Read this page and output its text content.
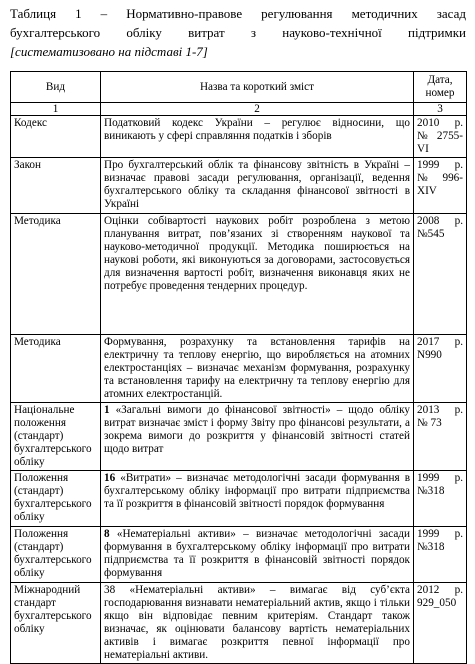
Таблиця 1 – Нормативно-правове регулювання методичних засад
бухгалтерського обліку витрат з науково-технічної підтримки
[систематизовано на підставі 1-7]
Вид	Назва та короткий зміст	Дата, номер
1	2	3
Кодекс	Податковий кодекс України – регулює відносини, що виникають у сфері справляння податків і зборів	2010 р. №2755-VI
Закон	Про бухгалтерський облік та фінансову звітність в Україні – визначає правові засади регулювання, організації, ведення бухгалтерського обліку та складання фінансової звітності в Україні	1999 р. № 996-XIV
Методика	Оцінки собівартості наукових робіт розроблена з метою планування витрат, пов’язаних зі створенням наукової та науково-методичної продукції. Методика поширюється на наукові роботи, які виконуються за договорами, застосовується для визначення вартості робіт, визначення виконавця яких не потребує проведення тендерних процедур.	2008 р. №545
Методика	Формування, розрахунку та встановлення тарифів на електричну та теплову енергію, що виробляється на атомних електростанціях – визначає механізм формування, розрахунку та встановлення тарифу на електричну та теплову енергію для атомних електростанцій.	2017 р. N990
Національне положення (стандарт) бухгалтерського обліку	1 «Загальні вимоги до фінансової звітності» – щодо обліку витрат визначає зміст і форму Звіту про фінансові результати, а зокрема вимоги до розкриття у фінансовій звітності статей щодо витрат	2013 р. № 73
Положення (стандарт) бухгалтерського обліку	16 «Витрати» – визначає методологічні засади формування в бухгалтерському обліку інформації про витрати підприємства та її розкриття в фінансовій звітності порядок формування	1999 р. №318
Положення (стандарт) бухгалтерського обліку	8 «Нематеріальні активи» – визначає методологічні засади формування в бухгалтерському обліку інформації про витрати підприємства та її розкриття в фінансовій звітності порядок формування	1999 р. №318
Міжнародний стандарт бухгалтерського обліку	38 «Нематеріальні активи» – вимагає від суб’єкта господарювання визнавати нематеріальний актив, якщо і тільки якщо він відповідає певним критеріям. Стандарт також визначає, як оцінювати балансову вартість нематеріальних активів і вимагає розкриття певної інформації про нематеріальні активи.	2012 р. 929_050
